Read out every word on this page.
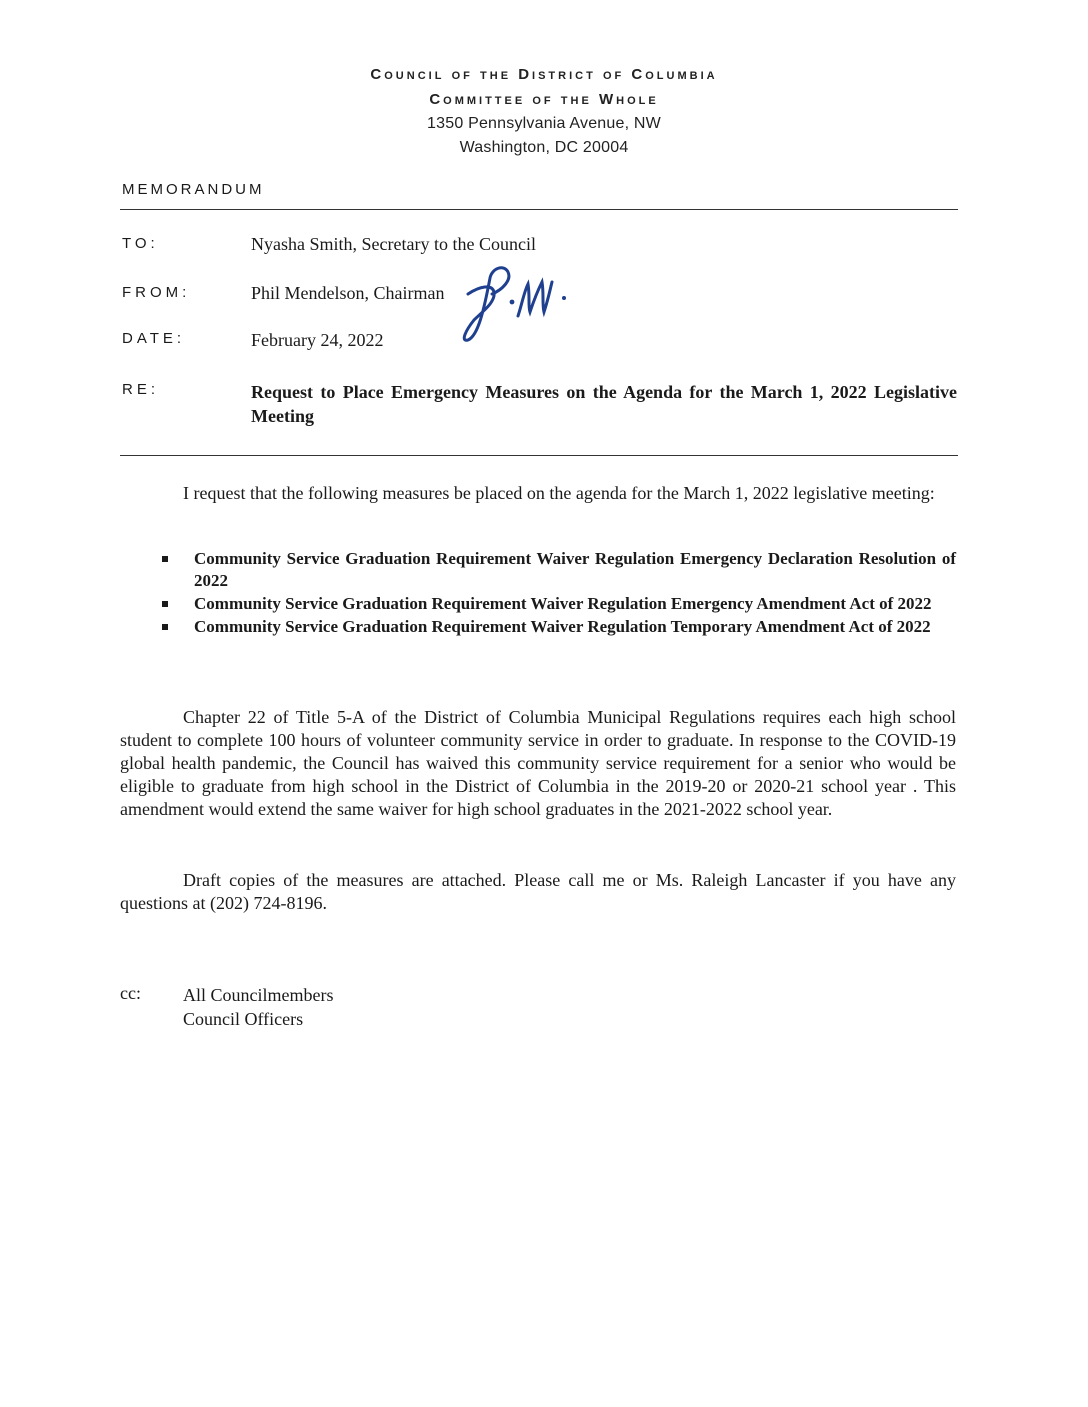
Council of the District of Columbia
Committee of the Whole
1350 Pennsylvania Avenue, NW
Washington, DC 20004
MEMORANDUM
TO:	Nyasha Smith, Secretary to the Council
FROM:	Phil Mendelson, Chairman
DATE:	February 24, 2022
RE:	Request to Place Emergency Measures on the Agenda for the March 1, 2022 Legislative Meeting
I request that the following measures be placed on the agenda for the March 1, 2022 legislative meeting:
Community Service Graduation Requirement Waiver Regulation Emergency Declaration Resolution of 2022
Community Service Graduation Requirement Waiver Regulation Emergency Amendment Act of 2022
Community Service Graduation Requirement Waiver Regulation Temporary Amendment Act of 2022
Chapter 22 of Title 5-A of the District of Columbia Municipal Regulations requires each high school student to complete 100 hours of volunteer community service in order to graduate. In response to the COVID-19 global health pandemic, the Council has waived this community service requirement for a senior who would be eligible to graduate from high school in the District of Columbia in the 2019-20 or 2020-21 school year . This amendment would extend the same waiver for high school graduates in the 2021-2022 school year.
Draft copies of the measures are attached. Please call me or Ms. Raleigh Lancaster if you have any questions at (202) 724-8196.
cc: All Councilmembers
Council Officers
